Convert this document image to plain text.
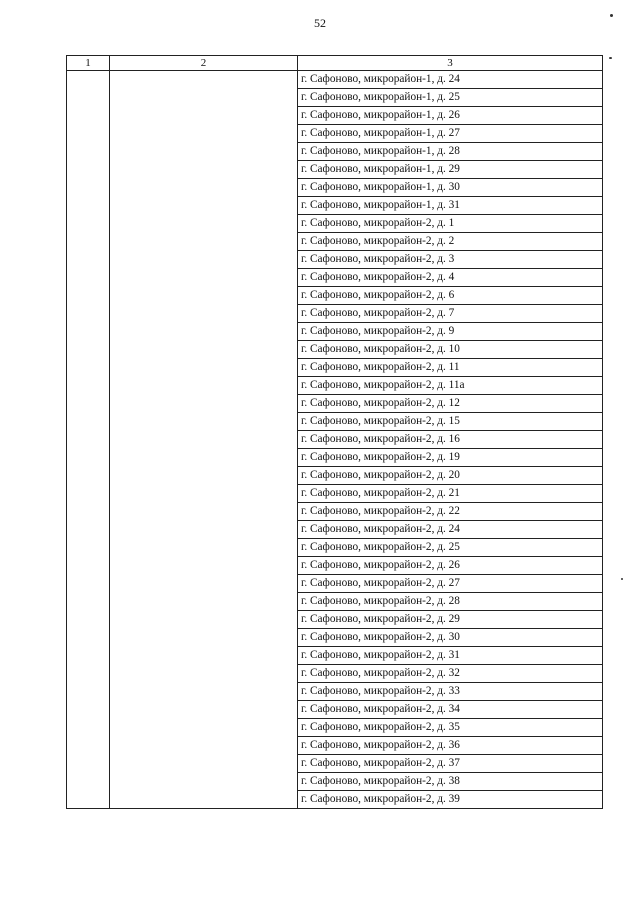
52
1	2	3
		г. Сафоново, микрорайон-1, д. 24
		г. Сафоново, микрорайон-1, д. 25
		г. Сафоново, микрорайон-1, д. 26
		г. Сафоново, микрорайон-1, д. 27
		г. Сафоново, микрорайон-1, д. 28
		г. Сафоново, микрорайон-1, д. 29
		г. Сафоново, микрорайон-1, д. 30
		г. Сафоново, микрорайон-1, д. 31
		г. Сафоново, микрорайон-2, д. 1
		г. Сафоново, микрорайон-2, д. 2
		г. Сафоново, микрорайон-2, д. 3
		г. Сафоново, микрорайон-2, д. 4
		г. Сафоново, микрорайон-2, д. 6
		г. Сафоново, микрорайон-2, д. 7
		г. Сафоново, микрорайон-2, д. 9
		г. Сафоново, микрорайон-2, д. 10
		г. Сафоново, микрорайон-2, д. 11
		г. Сафоново, микрорайон-2, д. 11а
		г. Сафоново, микрорайон-2, д. 12
		г. Сафоново, микрорайон-2, д. 15
		г. Сафоново, микрорайон-2, д. 16
		г. Сафоново, микрорайон-2, д. 19
		г. Сафоново, микрорайон-2, д. 20
		г. Сафоново, микрорайон-2, д. 21
		г. Сафоново, микрорайон-2, д. 22
		г. Сафоново, микрорайон-2, д. 24
		г. Сафоново, микрорайон-2, д. 25
		г. Сафоново, микрорайон-2, д. 26
		г. Сафоново, микрорайон-2, д. 27
		г. Сафоново, микрорайон-2, д. 28
		г. Сафоново, микрорайон-2, д. 29
		г. Сафоново, микрорайон-2, д. 30
		г. Сафоново, микрорайон-2, д. 31
		г. Сафоново, микрорайон-2, д. 32
		г. Сафоново, микрорайон-2, д. 33
		г. Сафоново, микрорайон-2, д. 34
		г. Сафоново, микрорайон-2, д. 35
		г. Сафоново, микрорайон-2, д. 36
		г. Сафоново, микрорайон-2, д. 37
		г. Сафоново, микрорайон-2, д. 38
		г. Сафоново, микрорайон-2, д. 39
